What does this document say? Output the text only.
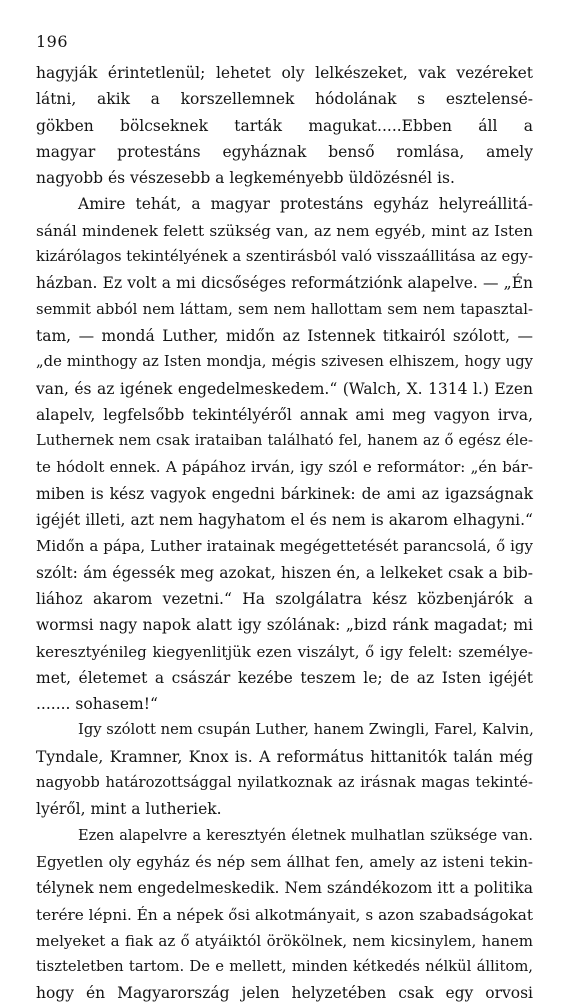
196
hagyják érintetlenül; lehetet oly lelkészeket, vak vezéreket
látni, akik a korszellemnek hódolának s esztelensé-
gökben bölcseknek tarták magukat.....Ebben áll a
magyar protestáns egyháznak benső romlása, amely
nagyobb és vészesebb a legkeményebb üldözésnél is.
Amire tehát, a magyar protestáns egyház helyreállitá-
sánál mindenek felett szükség van, az nem egyéb, mint az Isten
kizárólagos tekintélyének a szentirásból való visszaállitása az egy-
házban. Ez volt a mi dicsőséges reformátziónk alapelve. — „Én
semmit abból nem láttam, sem nem hallottam sem nem tapasztal-
tam, — mondá Luther, midőn az Istennek titkairól szólott, —
„de minthogy az Isten mondja, mégis szivesen elhiszem, hogy ugy
van, és az igének engedelmeskedem.“ (Walch, X. 1314 l.) Ezen
alapelv, legfelsőbb tekintélyéről annak ami meg vagyon irva,
Luthernek nem csak irataiban található fel, hanem az ő egész éle-
te hódolt ennek. A pápához irván, igy szól e reformátor: „én bár-
miben is kész vagyok engedni bárkinek: de ami az igazságnak
igéjét illeti, azt nem hagyhatom el és nem is akarom elhagyni.“
Midőn a pápa, Luther iratainak megégettetését parancsolá, ő igy
szólt: ám égessék meg azokat, hiszen én, a lelkeket csak a bib-
liához akarom vezetni.“ Ha szolgálatra kész közbenjárók a
wormsi nagy napok alatt igy szólának: „bizd ránk magadat; mi
keresztyénileg kiegyenlitjük ezen viszályt, ő igy felelt: személye-
met, életemet a császár kezébe teszem le; de az Isten igéjét
....... sohasem!“
Igy szólott nem csupán Luther, hanem Zwingli, Farel, Kalvin,
Tyndale, Kramner, Knox is. A református hittanitók talán még
nagyobb határozottsággal nyilatkoznak az irásnak magas tekinté-
lyéről, mint a lutheriek.
Ezen alapelvre a keresztyén életnek mulhatlan szüksége van.
Egyetlen oly egyház és nép sem állhat fen, amely az isteni tekin-
télynek nem engedelmeskedik. Nem szándékozom itt a politika
terére lépni. Én a népek ősi alkotmányait, s azon szabadságokat
melyeket a fiak az ő atyáiktól örökölnek, nem kicsinylem, hanem
tiszteletben tartom. De e mellett, minden kétkedés nélkül állitom,
hogy én Magyarország jelen helyzetében csak egy orvosi
